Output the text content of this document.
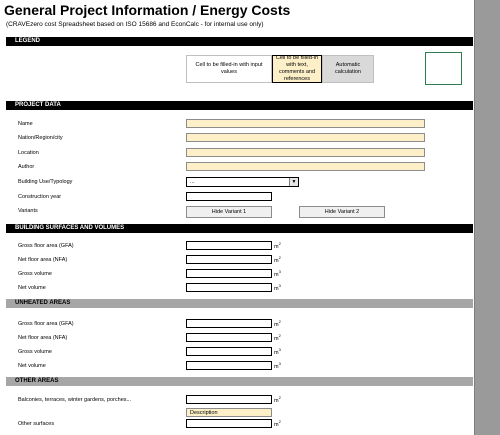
General Project Information / Energy Costs
(CRAVEzero cost Spreadsheet based on ISO 15686 and EconCalc - for internal use only)
LEGEND
Cell to be filled-in with input values
Cell to be filled-in with text, comments and references
Automatic calculation
PROJECT DATA
Name
Nation/Region/city
Location
Author
Building Use/Typology	...	▼
Construction year
Variants	Hide Variant 1	Hide Variant 2
BUILDING SURFACES AND VOLUMES
Gross floor area (GFA)	$m^2$
Net floor area (NFA)	$m^2$
Gross volume	$m^3$
Net volume	$m^3$
UNHEATED AREAS
Gross floor area (GFA)	$m^2$
Net floor area (NFA)	$m^2$
Gross volume	$m^3$
Net volume	$m^3$
OTHER AREAS
Balconies, terraces, winter gardens, porches...	$m^2$
Description
Other surfaces	$m^2$
